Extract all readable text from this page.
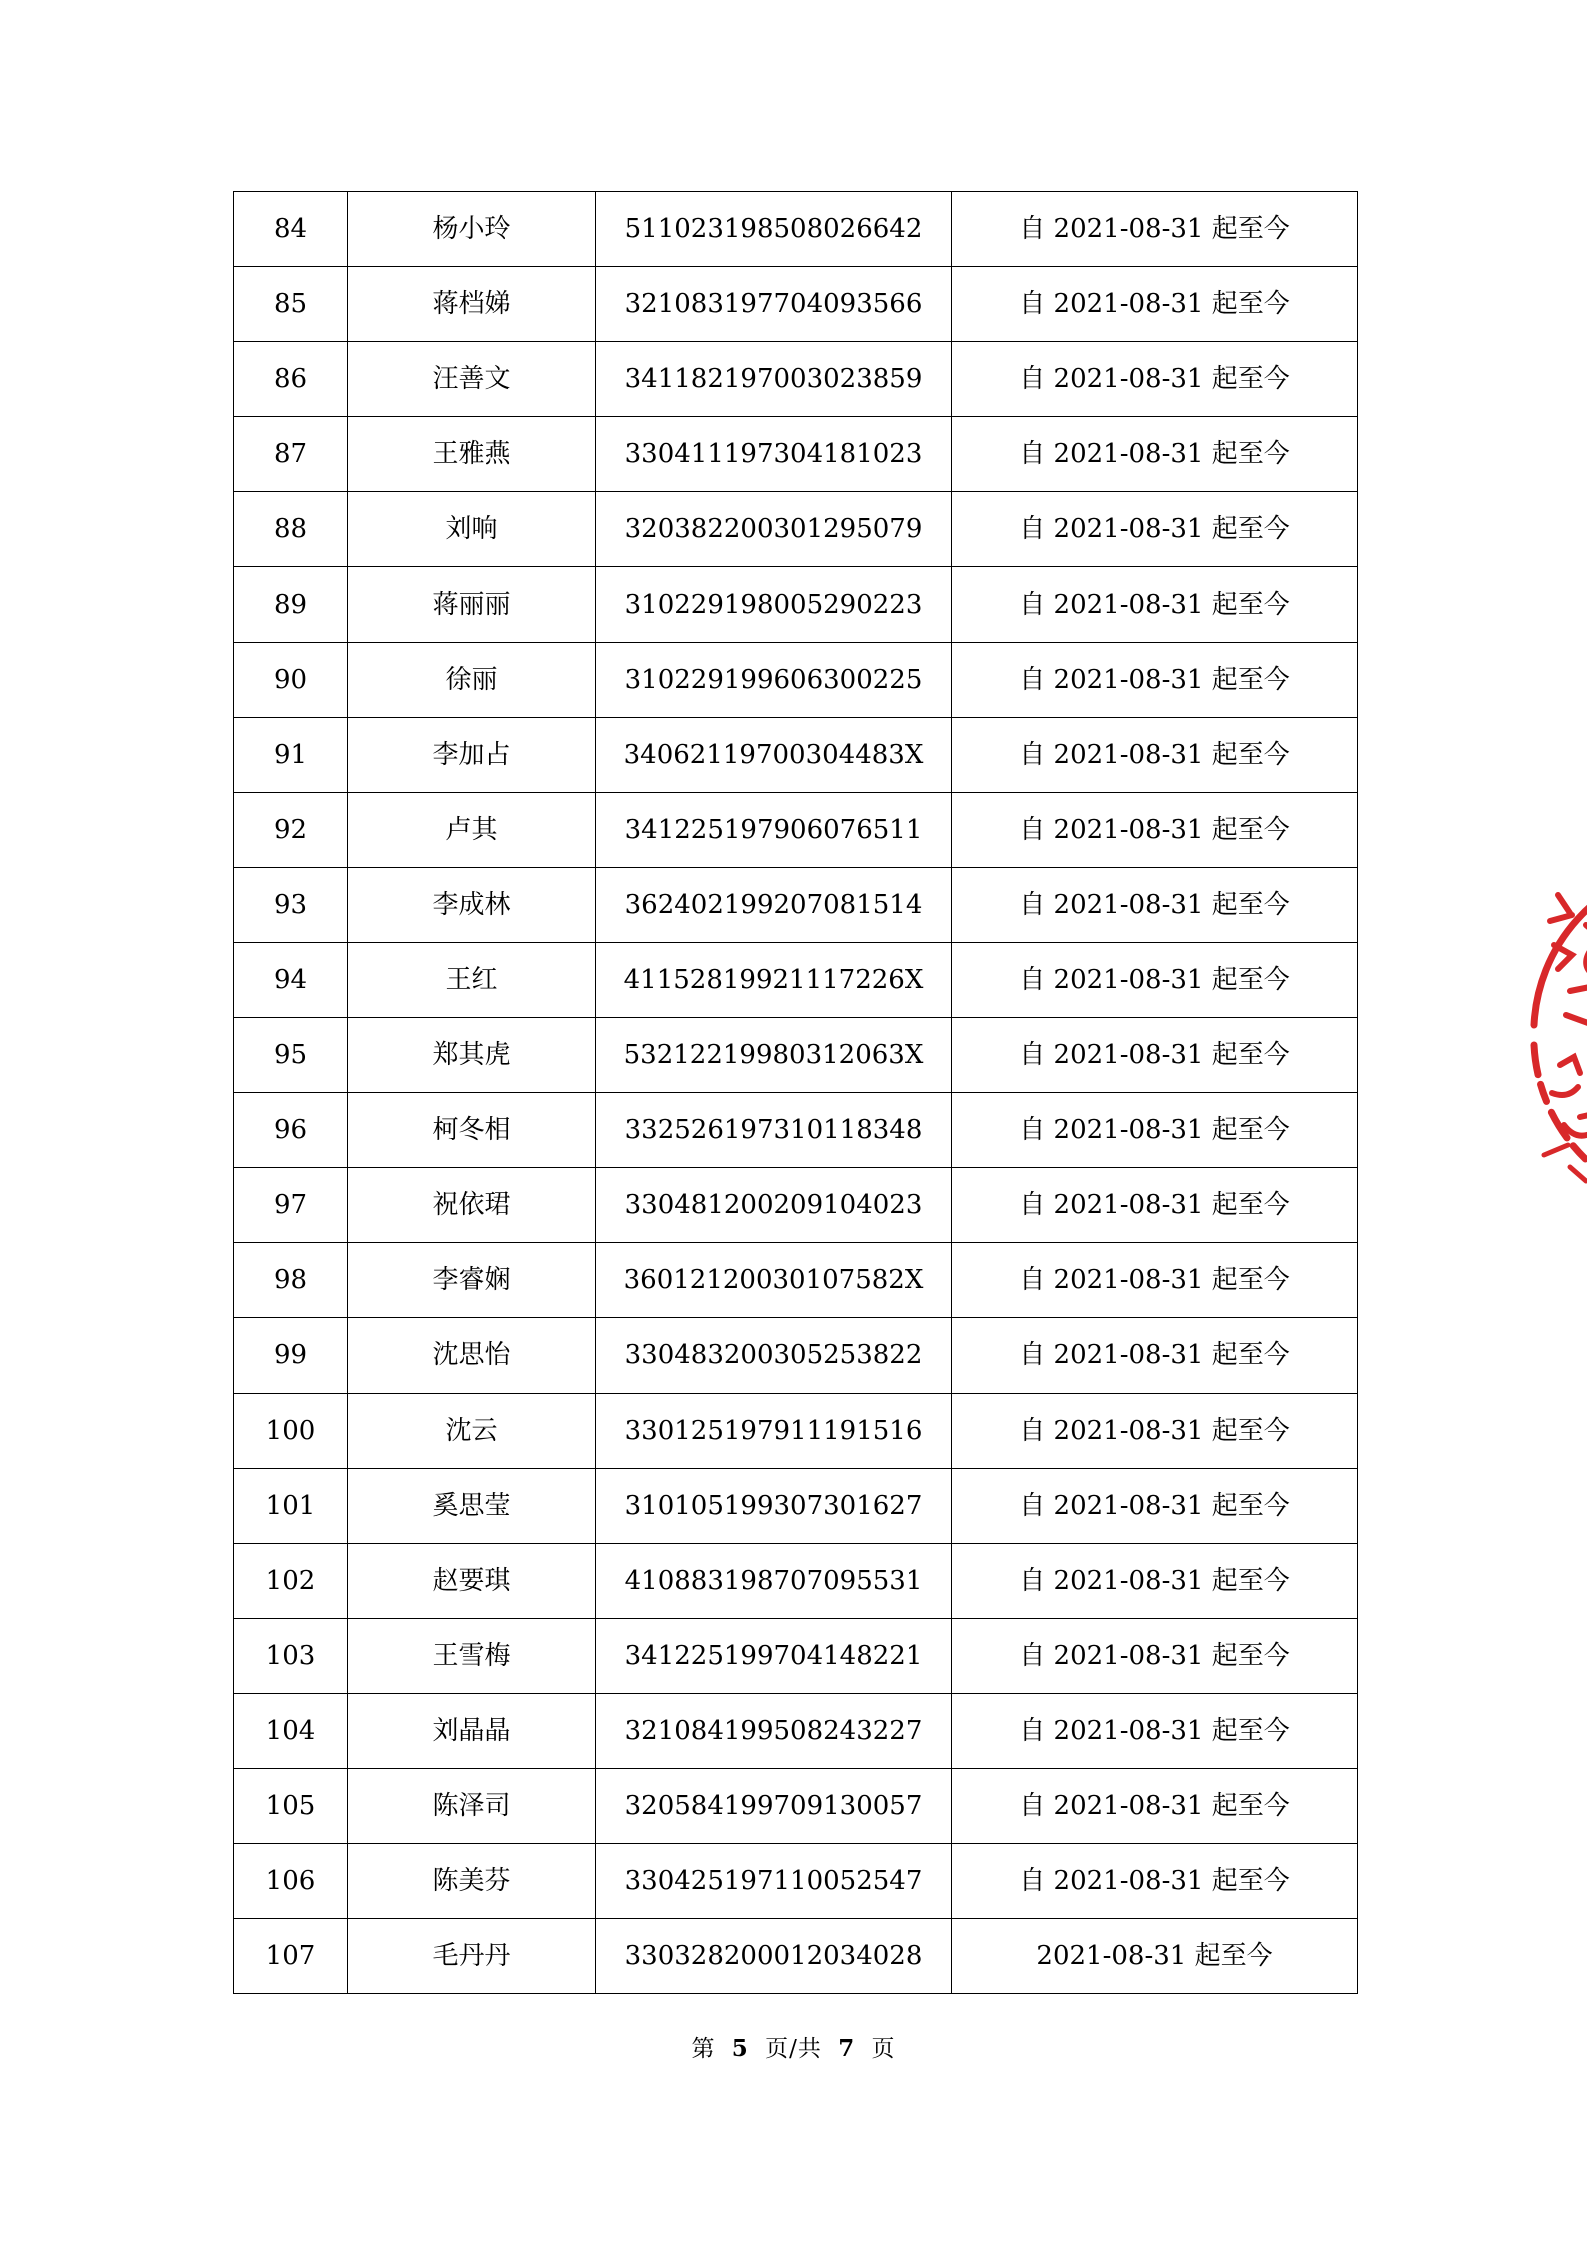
84	杨小玲	511023198508026642	自 2021-08-31 起至今
85	蒋档娣	321083197704093566	自 2021-08-31 起至今
86	汪善文	341182197003023859	自 2021-08-31 起至今
87	王雅燕	330411197304181023	自 2021-08-31 起至今
88	刘响	320382200301295079	自 2021-08-31 起至今
89	蒋丽丽	310229198005290223	自 2021-08-31 起至今
90	徐丽	310229199606300225	自 2021-08-31 起至今
91	李加占	34062119700304483X	自 2021-08-31 起至今
92	卢其	341225197906076511	自 2021-08-31 起至今
93	李成林	362402199207081514	自 2021-08-31 起至今
94	王红	41152819921117226X	自 2021-08-31 起至今
95	郑其虎	53212219980312063X	自 2021-08-31 起至今
96	柯冬相	332526197310118348	自 2021-08-31 起至今
97	祝依珺	330481200209104023	自 2021-08-31 起至今
98	李睿娴	36012120030107582X	自 2021-08-31 起至今
99	沈思怡	330483200305253822	自 2021-08-31 起至今
100	沈云	330125197911191516	自 2021-08-31 起至今
101	奚思莹	310105199307301627	自 2021-08-31 起至今
102	赵要琪	410883198707095531	自 2021-08-31 起至今
103	王雪梅	341225199704148221	自 2021-08-31 起至今
104	刘晶晶	321084199508243227	自 2021-08-31 起至今
105	陈泽司	320584199709130057	自 2021-08-31 起至今
106	陈美芬	330425197110052547	自 2021-08-31 起至今
107	毛丹丹	330328200012034028	2021-08-31 起至今
第 5 页/共 7 页
